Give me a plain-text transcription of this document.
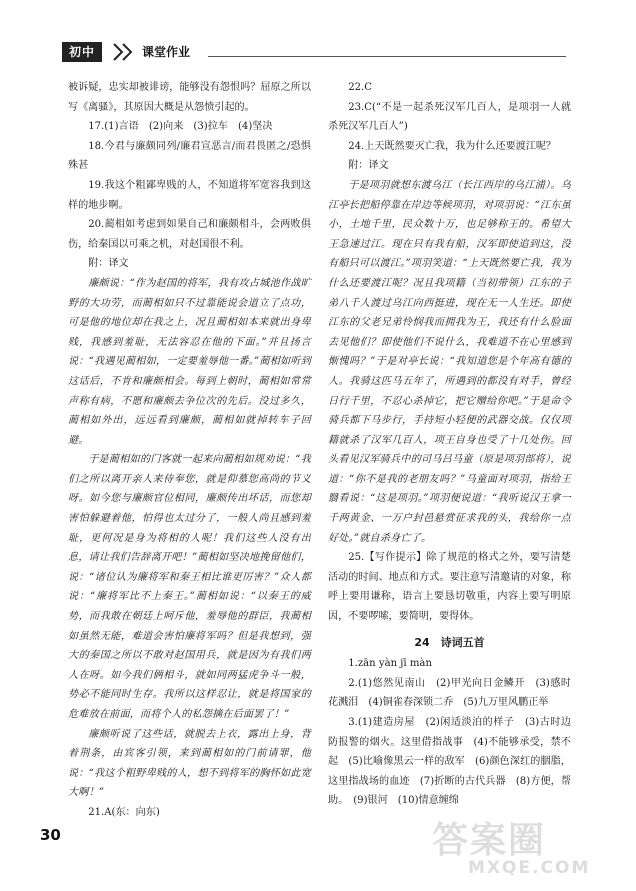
初中	课堂作业

被诉疑，忠实却被诽谤，能够没有怨恨吗？屈原之所以写《离骚》，其原因大概是从怨愤引起的。

17.(1)言语　(2)向来　(3)拉车　(4)坚决

18.今君与廉颇同列/廉君宣恶言/而君畏匿之/恐惧殊甚

19.我这个粗鄙卑贱的人，不知道将军宽容我到这样的地步啊。

20.蔺相如考虑到如果自己和廉颇相斗，会两败俱伤，给秦国以可乘之机，对赵国很不利。

附：译文

廉颇说：“作为赵国的将军，我有攻占城池作战旷野的大功劳，而蔺相如只不过靠能说会道立了点功，可是他的地位却在我之上，况且蔺相如本来就出身卑贱，我感到羞耻，无法容忍在他的下面。”并且扬言说：“我遇见蔺相如，一定要羞辱他一番。”蔺相如听到这话后，不肯和廉颇相会。每到上朝时，蔺相如常常声称有病，不愿和廉颇去争位次的先后。没过多久，蔺相如外出，远远看到廉颇，蔺相如就掉转车子回避。

于是蔺相如的门客就一起来向蔺相如规劝说：“我们之所以离开亲人来侍奉您，就是仰慕您高尚的节义呀。如今您与廉颇官位相同，廉颇传出坏话，而您却害怕躲避着他，怕得也太过分了，一般人尚且感到羞耻，更何况是身为将相的人呢！我们这些人没有出息，请让我们告辞离开吧！”蔺相如坚决地挽留他们，说：“诸位认为廉将军和秦王相比谁更厉害？”众人都说：“廉将军比不上秦王。”蔺相如说：“以秦王的威势，而我敢在朝廷上呵斥他，羞辱他的群臣，我蔺相如虽然无能，难道会害怕廉将军吗？但是我想到，强大的秦国之所以不敢对赵国用兵，就是因为有我们两人在呀。如今我们俩相斗，就如同两猛虎争斗一般，势必不能同时生存。我所以这样忍让，就是将国家的危难放在前面，而将个人的私怨摘在后面罢了！”

廉颇听说了这些话，就脱去上衣，露出上身，背着荆条，由宾客引领，来到蔺相如的门前请罪，他说：“我这个粗野卑贱的人，想不到将军的胸怀如此宽大啊！”

21.A(东：向东)

22.C

23.C(“不是一起杀死汉军几百人，是项羽一人就杀死汉军几百人”)

24.上天既然要灭亡我，我为什么还要渡江呢？

附：译文

于是项羽就想东渡乌江（长江西岸的乌江浦）。乌江亭长把船停靠在岸边等候项羽，对项羽说：“江东虽小，土地千里，民众数十万，也足够称王的。希望大王急速过江。现在只有我有船，汉军即使追到这，没有船只可以渡江。”项羽笑道：“上天既然要亡我，我为什么还要渡江呢？况且我项籍（当初带领）江东的子弟八千人渡过乌江向西挺进，现在无一人生还。即使江东的父老兄弟怜悯我而拥我为王，我还有什么脸面去见他们？即使他们不说什么，我难道不在心里感到惭愧吗？”于是对亭长说：“我知道您是个年高有德的人。我骑这匹马五年了，所遇到的都没有对手，曾经日行千里，不忍心杀掉它，把它赠给你吧。”于是命令骑兵都下马步行，手持短小轻便的武器交战。仅仅项籍就杀了汉军几百人，项王自身也受了十几处伤。回头看见汉军骑兵中的司马吕马童（原是项羽部将），说道：“你不是我的老朋友吗？”马童面对项羽，指给王翳看说：“这是项羽。”项羽便说道：“我听说汉王拿一千两黄金、一万户封邑悬赏征求我的头，我给你一点好处。”就自杀身亡了。

25.【写作提示】除了规范的格式之外，要写清楚活动的时间、地点和方式。要注意写清邀请的对象，称呼上要用谦称，语言上要恳切敬重，内容上要写明原因，不要啰嗦，要简明，要得体。

24　诗词五首

1.zān yàn jī màn

2.(1)悠然见南山　(2)甲光向日金鳞开　(3)感时花溅泪　(4)铜雀春深锁二乔　(5)九万里风鹏正举

3.(1)建造房屋　(2)闲适淡泊的样子　(3)古时边防报警的烟火。这里借指战事　(4)不能够承受，禁不起　(5)比喻像黑云一样的敌军　(6)颜色深红的胭脂，这里指战场的血迹　(7)折断的古代兵器　(8)方便，帮助。　(9)银河　(10)情意缠绵

30	答案圈
MXQE.COM
